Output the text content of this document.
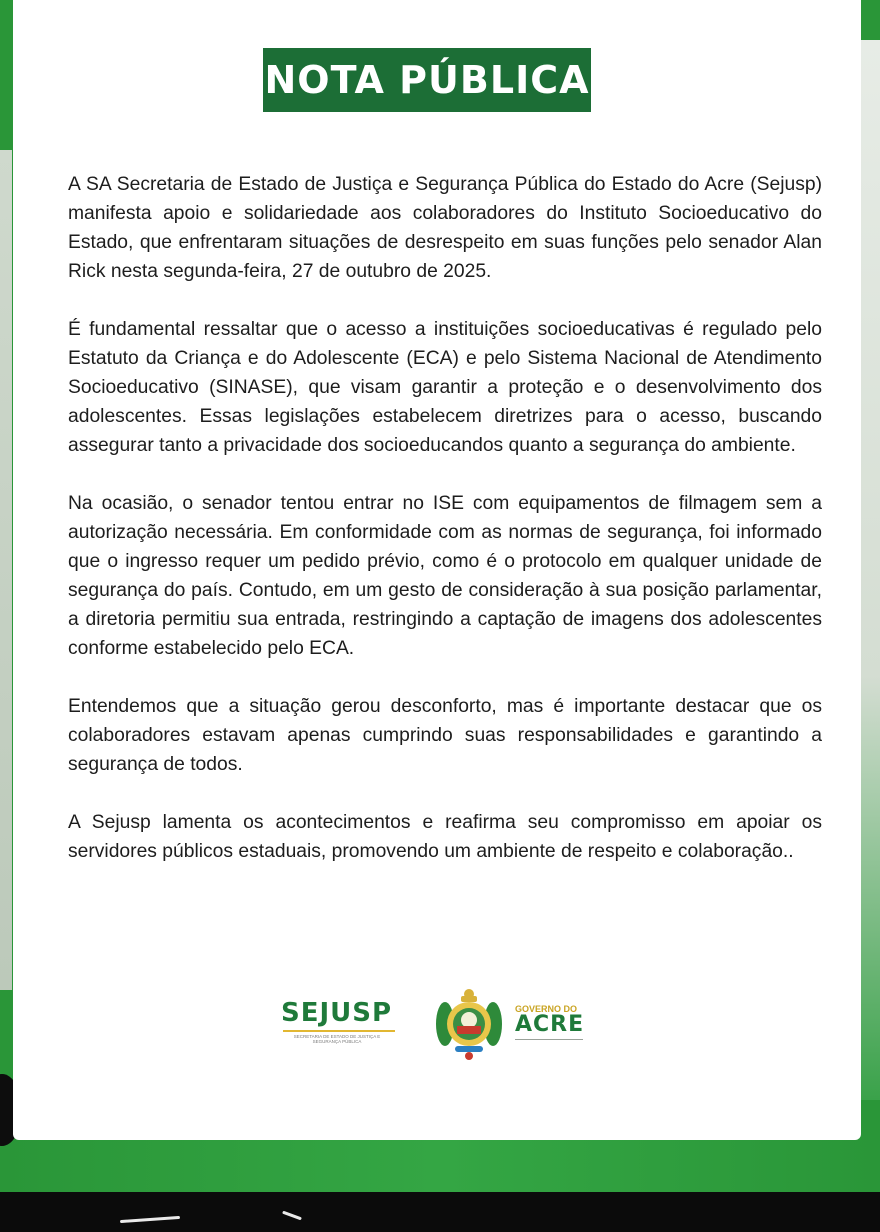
NOTA PÚBLICA

A SA Secretaria de Estado de Justiça e Segurança Pública do Estado do Acre (Sejusp) manifesta apoio e solidariedade aos colaboradores do Instituto Socioeducativo do Estado, que enfrentaram situações de desrespeito em suas funções pelo senador Alan Rick nesta segunda-feira, 27 de outubro de 2025.

É fundamental ressaltar que o acesso a instituições socioeducativas é regulado pelo Estatuto da Criança e do Adolescente (ECA) e pelo Sistema Nacional de Atendimento Socioeducativo (SINASE), que visam garantir a proteção e o desenvolvimento dos adolescentes. Essas legislações estabelecem diretrizes para o acesso, buscando assegurar tanto a privacidade dos socioeducandos quanto a segurança do ambiente.

Na ocasião, o senador tentou entrar no ISE com equipamentos de filmagem sem a autorização necessária. Em conformidade com as normas de segurança, foi informado que o ingresso requer um pedido prévio, como é o protocolo em qualquer unidade de segurança do país. Contudo, em um gesto de consideração à sua posição parlamentar, a diretoria permitiu sua entrada, restringindo a captação de imagens dos adolescentes conforme estabelecido pelo ECA.

Entendemos que a situação gerou desconforto, mas é importante destacar que os colaboradores estavam apenas cumprindo suas responsabilidades e garantindo a segurança de todos.

A Sejusp lamenta os acontecimentos e reafirma seu compromisso em apoiar os servidores públicos estaduais, promovendo um ambiente de respeito e colaboração..

SEJUSP
SECRETARIA DE ESTADO DE JUSTIÇA E SEGURANÇA PÚBLICA
GOVERNO DO
ACRE
